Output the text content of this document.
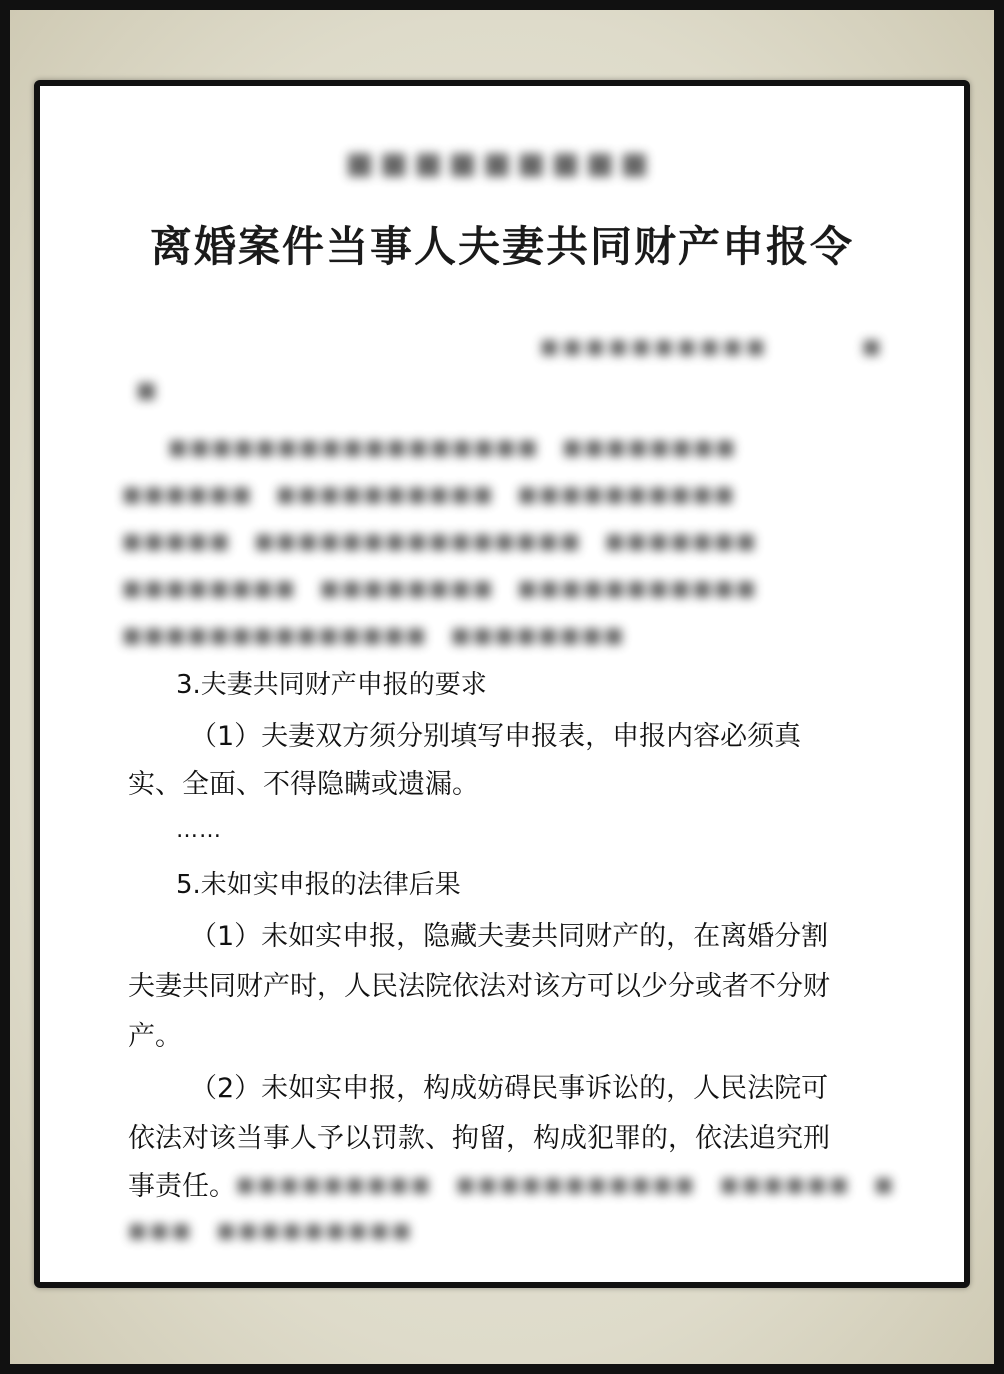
■■■■■■■■■
离婚案件当事人夫妻共同财产申报令
■■■■■■■■■■	■
■
　　■■■■■■■■■■■■■■■■■　■■■■■■■■
■■■■■■　■■■■■■■■■■　■■■■■■■■■■
■■■■■　■■■■■■■■■■■■■■■　■■■■■■■
■■■■■■■■　■■■■■■■■　■■■■■■■■■■■
■■■■■■■■■■■■■■　■■■■■■■■
3.夫妻共同财产申报的要求
（1）夫妻双方须分别填写申报表，申报内容必须真
实、全面、不得隐瞒或遗漏。
……
5.未如实申报的法律后果
（1）未如实申报，隐藏夫妻共同财产的，在离婚分割
夫妻共同财产时，人民法院依法对该方可以少分或者不分财
产。
（2）未如实申报，构成妨碍民事诉讼的，人民法院可
依法对该当事人予以罚款、拘留，构成犯罪的，依法追究刑
事责任。 ■■■■■■■■■　■■■■■■■■■■■　■■■■■■　■
■■■　■■■■■■■■■
